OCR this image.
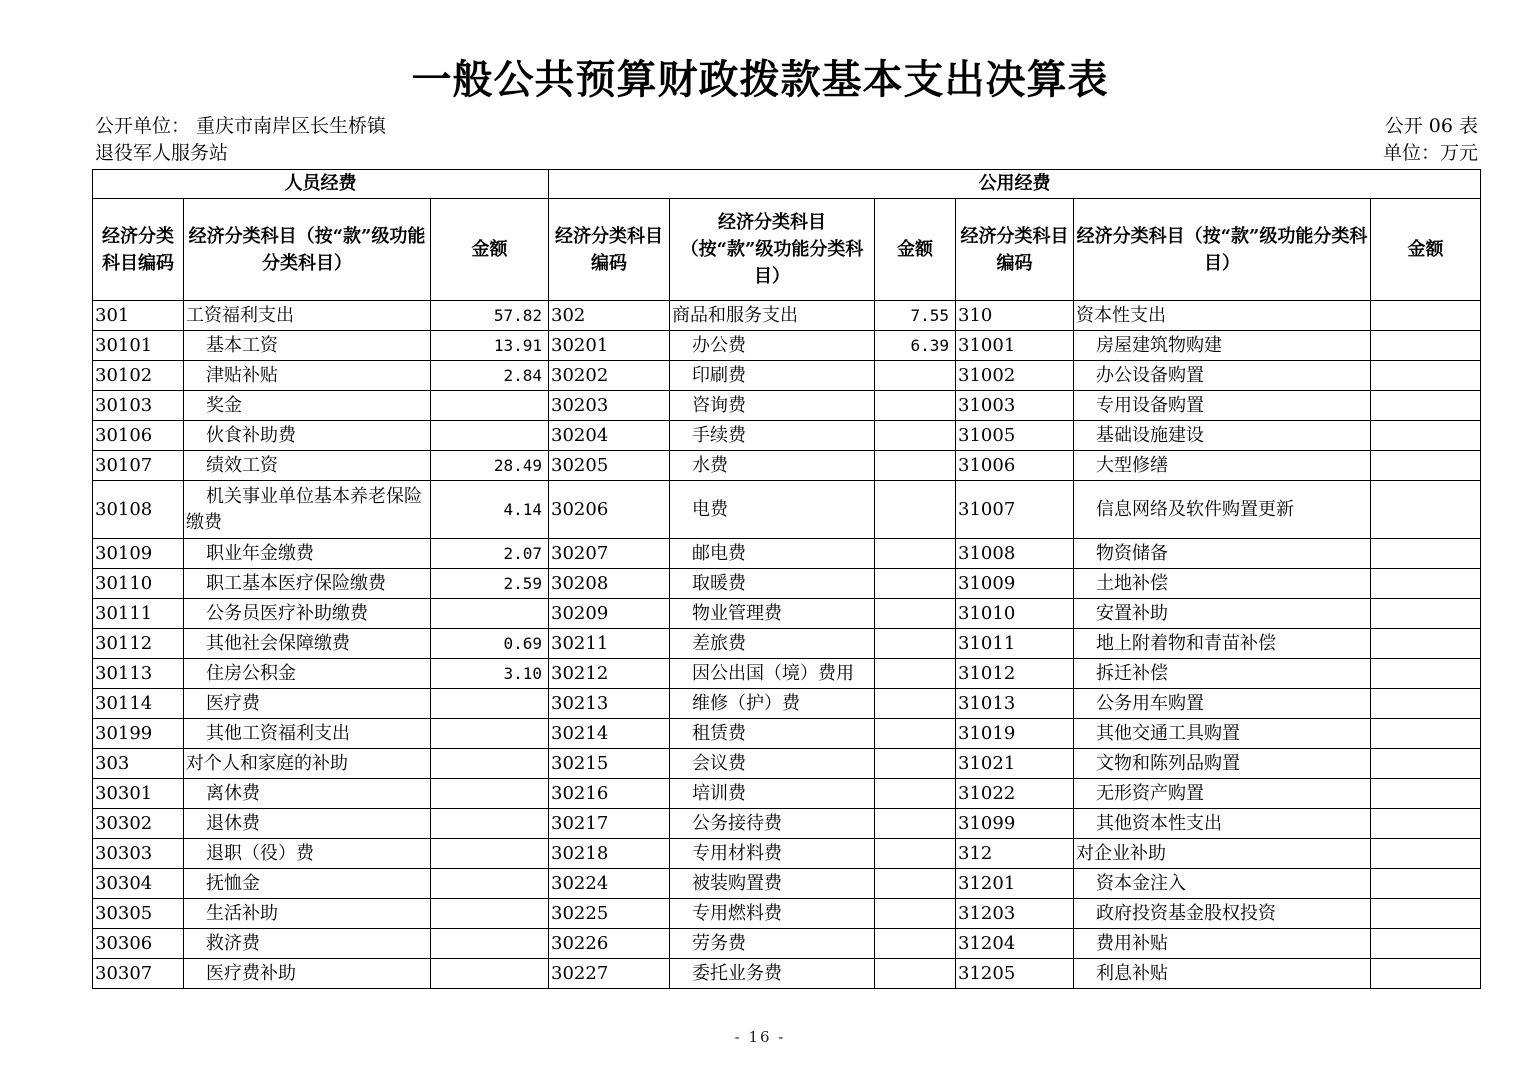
一般公共预算财政拨款基本支出决算表
公开单位： 重庆市南岸区长生桥镇
退役军人服务站
公开 06 表
单位：万元
人员经费			公用经费					
经济分类科目编码	经济分类科目（按“款”级功能分类科目）	金额	经济分类科目编码	经济分类科目（按“款”级功能分类科目）	金额	经济分类科目编码	经济分类科目（按“款”级功能分类科目）	金额
301	工资福利支出	57.82	302	商品和服务支出	7.55	310	资本性支出	
30101	基本工资	13.91	30201	办公费	6.39	31001	房屋建筑物购建	
30102	津贴补贴	2.84	30202	印刷费		31002	办公设备购置	
30103	奖金		30203	咨询费		31003	专用设备购置	
30106	伙食补助费		30204	手续费		31005	基础设施建设	
30107	绩效工资	28.49	30205	水费		31006	大型修缮	
30108	机关事业单位基本养老保险缴费	4.14	30206	电费		31007	信息网络及软件购置更新	
30109	职业年金缴费	2.07	30207	邮电费		31008	物资储备	
30110	职工基本医疗保险缴费	2.59	30208	取暖费		31009	土地补偿	
30111	公务员医疗补助缴费		30209	物业管理费		31010	安置补助	
30112	其他社会保障缴费	0.69	30211	差旅费		31011	地上附着物和青苗补偿	
30113	住房公积金	3.10	30212	因公出国（境）费用		31012	拆迁补偿	
30114	医疗费		30213	维修（护）费		31013	公务用车购置	
30199	其他工资福利支出		30214	租赁费		31019	其他交通工具购置	
303	对个人和家庭的补助		30215	会议费		31021	文物和陈列品购置	
30301	离休费		30216	培训费		31022	无形资产购置	
30302	退休费		30217	公务接待费		31099	其他资本性支出	
30303	退职（役）费		30218	专用材料费		312	对企业补助	
30304	抚恤金		30224	被装购置费		31201	资本金注入	
30305	生活补助		30225	专用燃料费		31203	政府投资基金股权投资	
30306	救济费		30226	劳务费		31204	费用补贴	
30307	医疗费补助		30227	委托业务费		31205	利息补贴	
- 16 -
